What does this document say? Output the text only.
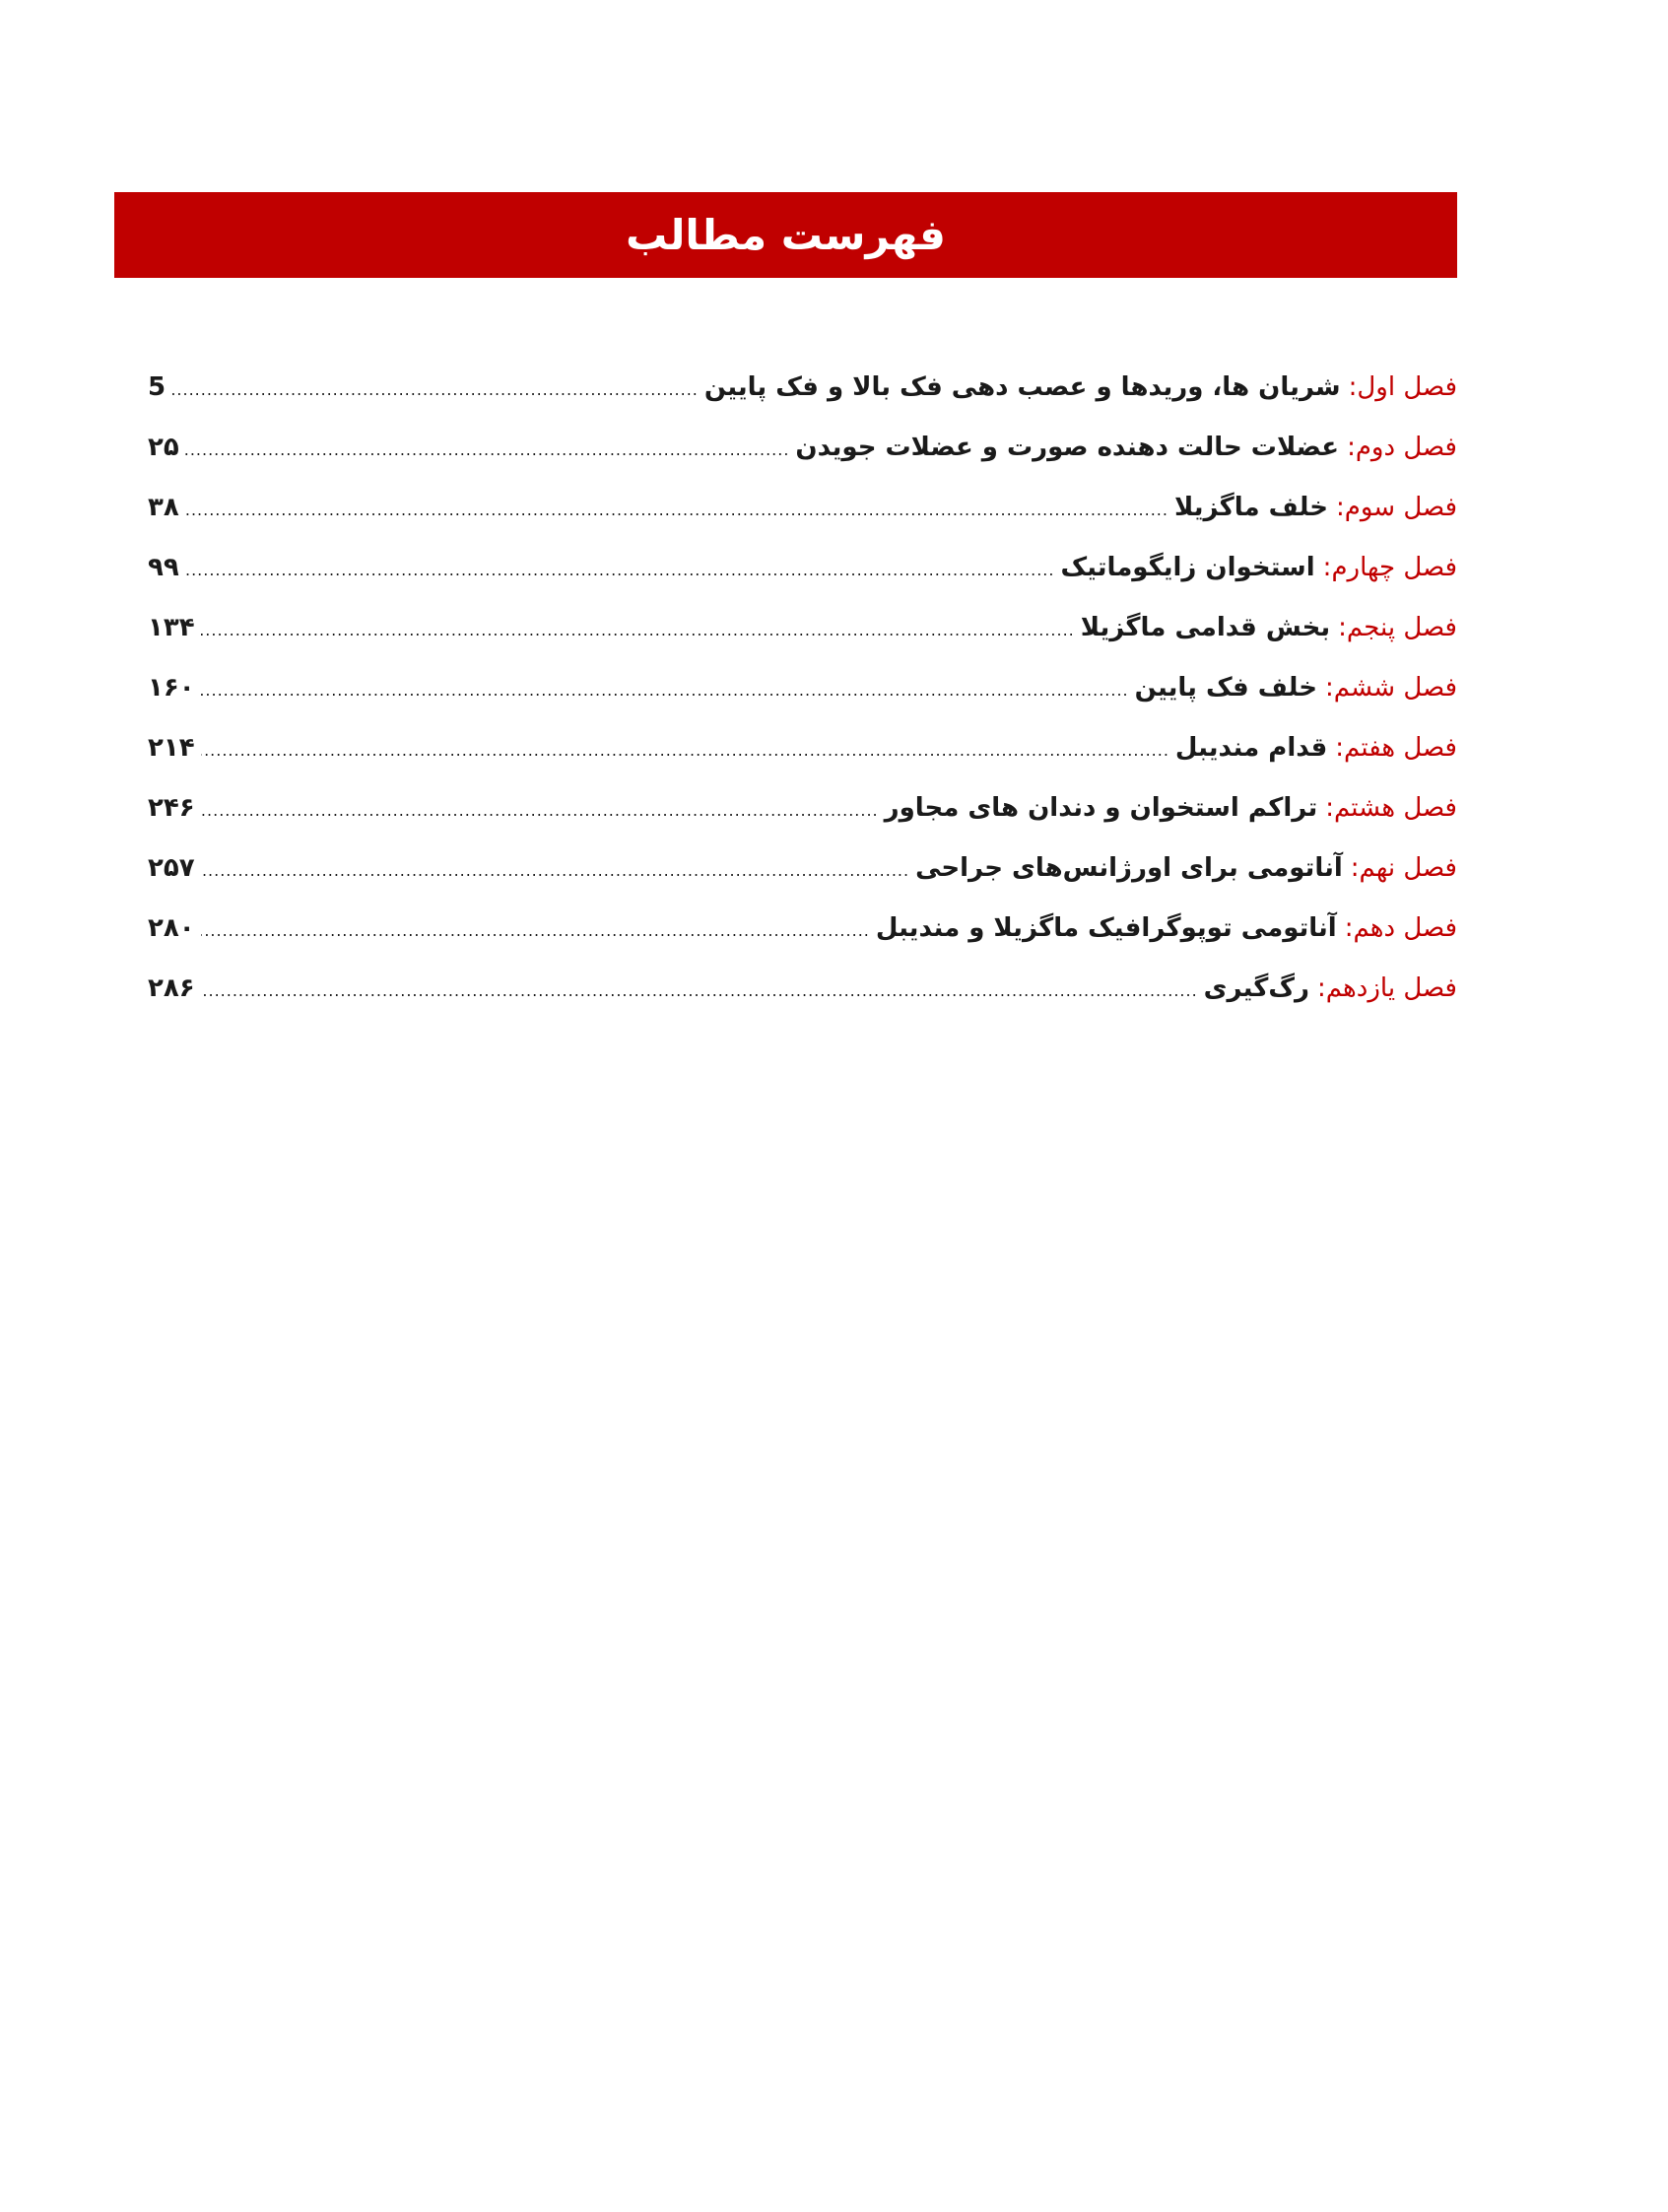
فهرست مطالب
فصل اول
:
شریان ها، وریدها و عصب دهی فک بالا و فک پایین
.....
5
فصل دوم
:
عضلات حالت دهنده صورت و عضلات جویدن
.....
۲۵
فصل سوم
:
خلف ماگزیلا
.....
۳۸
فصل چهارم
:
استخوان زایگوماتیک
.....
۹۹
فصل پنجم
:
بخش قدامی ماگزیلا
.....
۱۳۴
فصل ششم
:
خلف فک پایین
.....
۱۶۰
فصل هفتم
:
قدام مندیبل
.....
۲۱۴
فصل هشتم
:
تراکم استخوان و دندان های مجاور
.....
۲۴۶
فصل نهم
:
آناتومی برای اورژانس‌های جراحی
.....
۲۵۷
فصل دهم
:
آناتومی توپوگرافیک ماگزیلا و مندیبل
.....
۲۸۰
فصل یازدهم
:
رگ‌گیری
.....
۲۸۶
